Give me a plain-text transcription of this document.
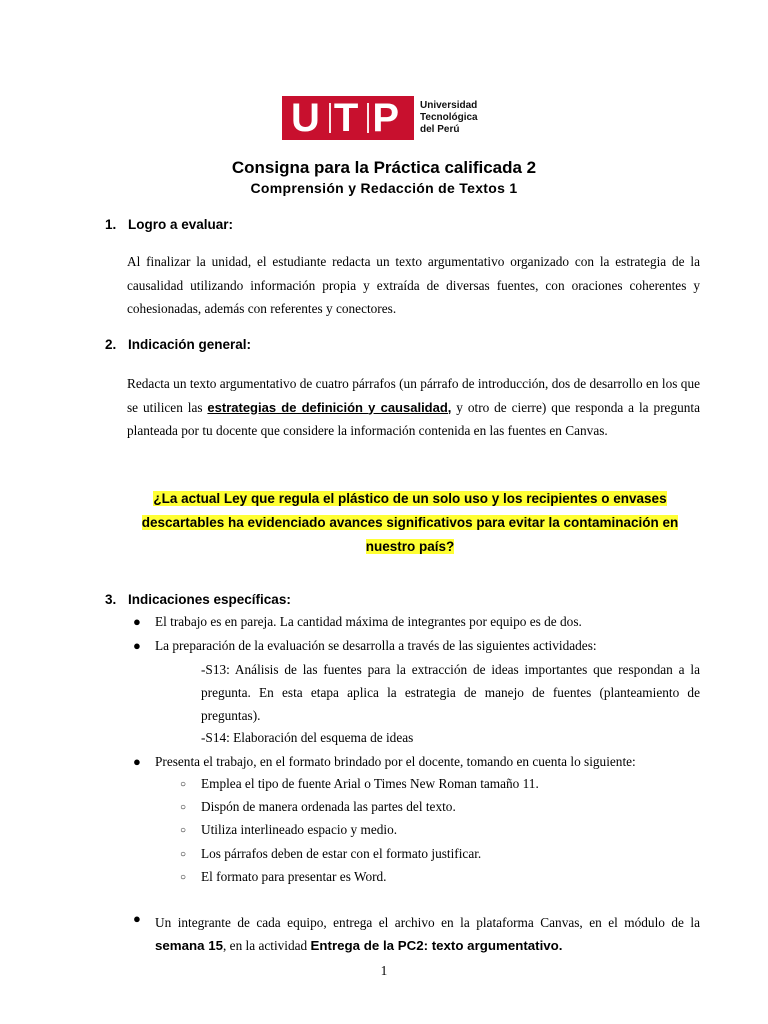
U T P	Universidad
Tecnológica
del Perú
Consigna para la Práctica calificada 2
Comprensión y Redacción de Textos 1
1. Logro a evaluar:
Al finalizar la unidad, el estudiante redacta un texto argumentativo organizado con la estrategia de la causalidad utilizando información propia y extraída de diversas fuentes, con oraciones coherentes y cohesionadas, además con referentes y conectores.
2. Indicación general:
Redacta un texto argumentativo de cuatro párrafos (un párrafo de introducción, dos de desarrollo en los que se utilicen las estrategias de definición y causalidad, y otro de cierre) que responda a la pregunta planteada por tu docente que considere la información contenida en las fuentes en Canvas.
¿La actual Ley que regula el plástico de un solo uso y los recipientes o envases
descartables ha evidenciado avances significativos para evitar la contaminación en
nuestro país?
3. Indicaciones específicas:
● El trabajo es en pareja. La cantidad máxima de integrantes por equipo es de dos.
● La preparación de la evaluación se desarrolla a través de las siguientes actividades:
-S13: Análisis de las fuentes para la extracción de ideas importantes que respondan a la pregunta. En esta etapa aplica la estrategia de manejo de fuentes (planteamiento de preguntas).
-S14: Elaboración del esquema de ideas
● Presenta el trabajo, en el formato brindado por el docente, tomando en cuenta lo siguiente:
○ Emplea el tipo de fuente Arial o Times New Roman tamaño 11.
○ Dispón de manera ordenada las partes del texto.
○ Utiliza interlineado espacio y medio.
○ Los párrafos deben de estar con el formato justificar.
○ El formato para presentar es Word.
● Un integrante de cada equipo, entrega el archivo en la plataforma Canvas, en el módulo de la semana 15, en la actividad Entrega de la PC2: texto argumentativo.
1
